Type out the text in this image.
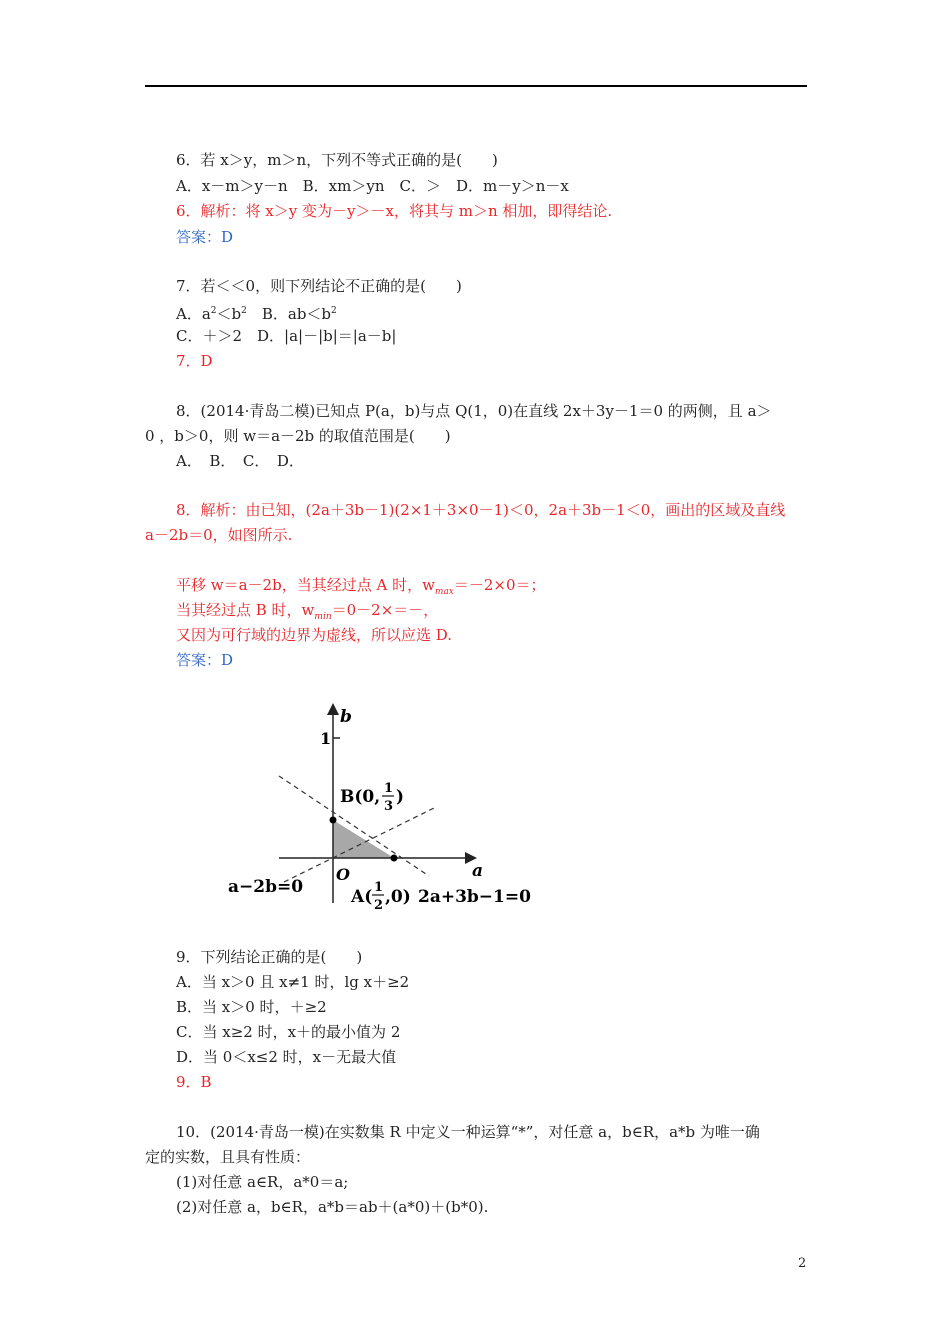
6．若 x＞y，m＞n，下列不等式正确的是(　　)
A．x－m＞y－n　B．xm＞yn　C．＞　D．m－y＞n－x
6．解析：将 x＞y 变为－y＞－x，将其与 m＞n 相加，即得结论.
答案：D
7．若＜＜0，则下列结论不正确的是(　　)
A．$a^2<b^2$　B．$ab<b^2$
C．＋＞2　D．|a|－|b|＝|a－b|
7．D
8．(2014·青岛二模)已知点 P(a，b)与点 Q(1，0)在直线 2x＋3y－1＝0 的两侧，且 a＞
0 ，b＞0，则 w＝a－2b 的取值范围是(　　)
A．　B．　C．　D．
8．解析：由已知，(2a＋3b－1)(2×1＋3×0－1)＜0，2a＋3b－1＜0，画出的区域及直线
a－2b＝0，如图所示.
平移 w＝a－2b，当其经过点 A 时，$w_{max}=-2\times 0=$；
当其经过点 B 时，$w_{min}=0-2\times=-$，
又因为可行域的边界为虚线，所以应选 D.
答案：D
b
a
1
O
B(0, 1
3 )
A( 1
2 ,0)
a−2b=0	2a+3b−1=0
9．下列结论正确的是(　　)
A．当 x＞0 且 x≠1 时，lg x＋≥2
B．当 x＞0 时，＋≥2
C．当 x≥2 时，x＋的最小值为 2
D．当 0＜x≤2 时，x－无最大值
9．B
10．(2014·青岛一模)在实数集 R 中定义一种运算“*”，对任意 a，b∈R，a*b 为唯一确
定的实数，且具有性质：
(1)对任意 a∈R，a*0＝a;
(2)对任意 a，b∈R，a*b＝ab＋(a*0)＋(b*0).
2
